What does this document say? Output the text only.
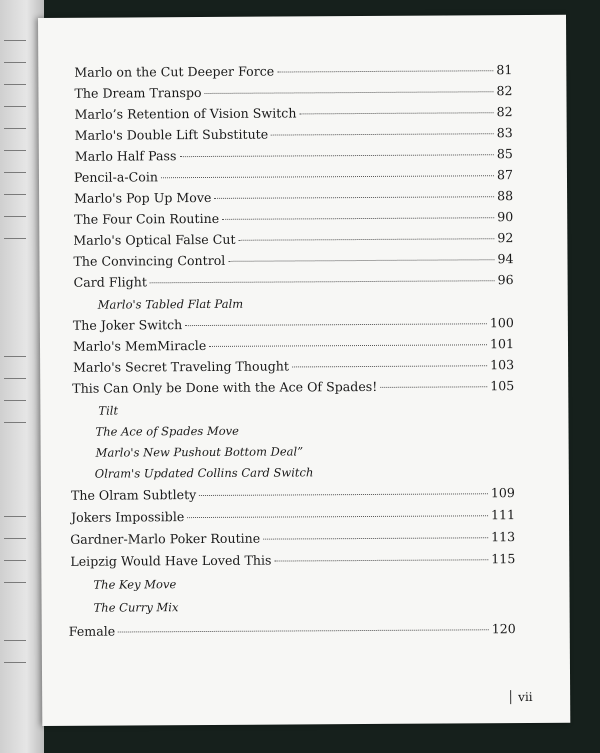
Marlo on the Cut Deeper Force	81
The Dream Transpo	82
Marlo’s Retention of Vision Switch	82
Marlo's Double Lift Substitute	83
Marlo Half Pass	85
Pencil-a-Coin	87
Marlo's Pop Up Move	88
The Four Coin Routine	90
Marlo's Optical False Cut	92
The Convincing Control	94
Card Flight	96
Marlo's Tabled Flat Palm
The Joker Switch	100
Marlo's MemMiracle	101
Marlo's Secret Traveling Thought	103
This Can Only be Done with the Ace Of Spades!	105
Tilt
The Ace of Spades Move
Marlo's New Pushout Bottom Deal”
Olram's Updated Collins Card Switch
The Olram Subtlety	109
Jokers Impossible	111
Gardner-Marlo Poker Routine	113
Leipzig Would Have Loved This	115
The Key Move
The Curry Mix
Female	120
vii
